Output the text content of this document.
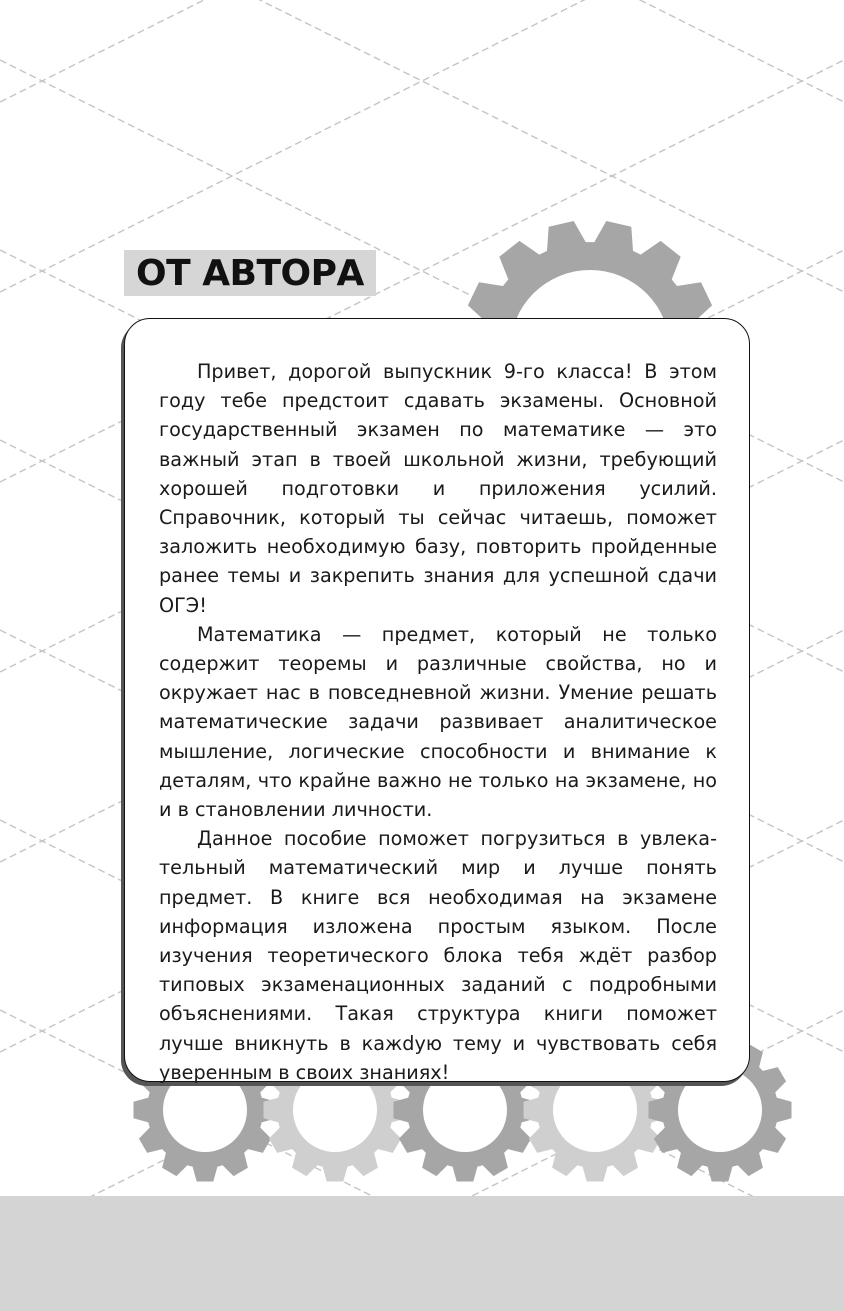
ОТ АВТОРА

Привет, дорогой выпускник 9-го класса! В этом году тебе предстоит сдавать экзамены. Основной государственный экзамен по математике — это важный этап в твоей школьной жизни, требующий хорошей подготовки и приложения усилий. Справочник, который ты сейчас читаешь, поможет заложить необходимую базу, повторить пройденные ранее темы и закрепить знания для успешной сдачи ОГЭ!

Математика — предмет, который не только содержит теоремы и различные свойства, но и окружает нас в повседневной жизни. Умение решать математические задачи развивает аналитическое мышление, логические способности и внимание к деталям, что крайне важно не только на экзамене, но и в становлении личности.

Данное пособие поможет погрузиться в увлекательный математический мир и лучше понять предмет. В книге вся необходимая на экзамене информация изложена простым языком. После изучения теоретического блока тебя ждёт разбор типовых экзаменационных заданий с подробными объяснениями. Такая структура книги поможет лучше вникнуть в кажdую тему и чувствовать себя уверенным в своих знаниях!
